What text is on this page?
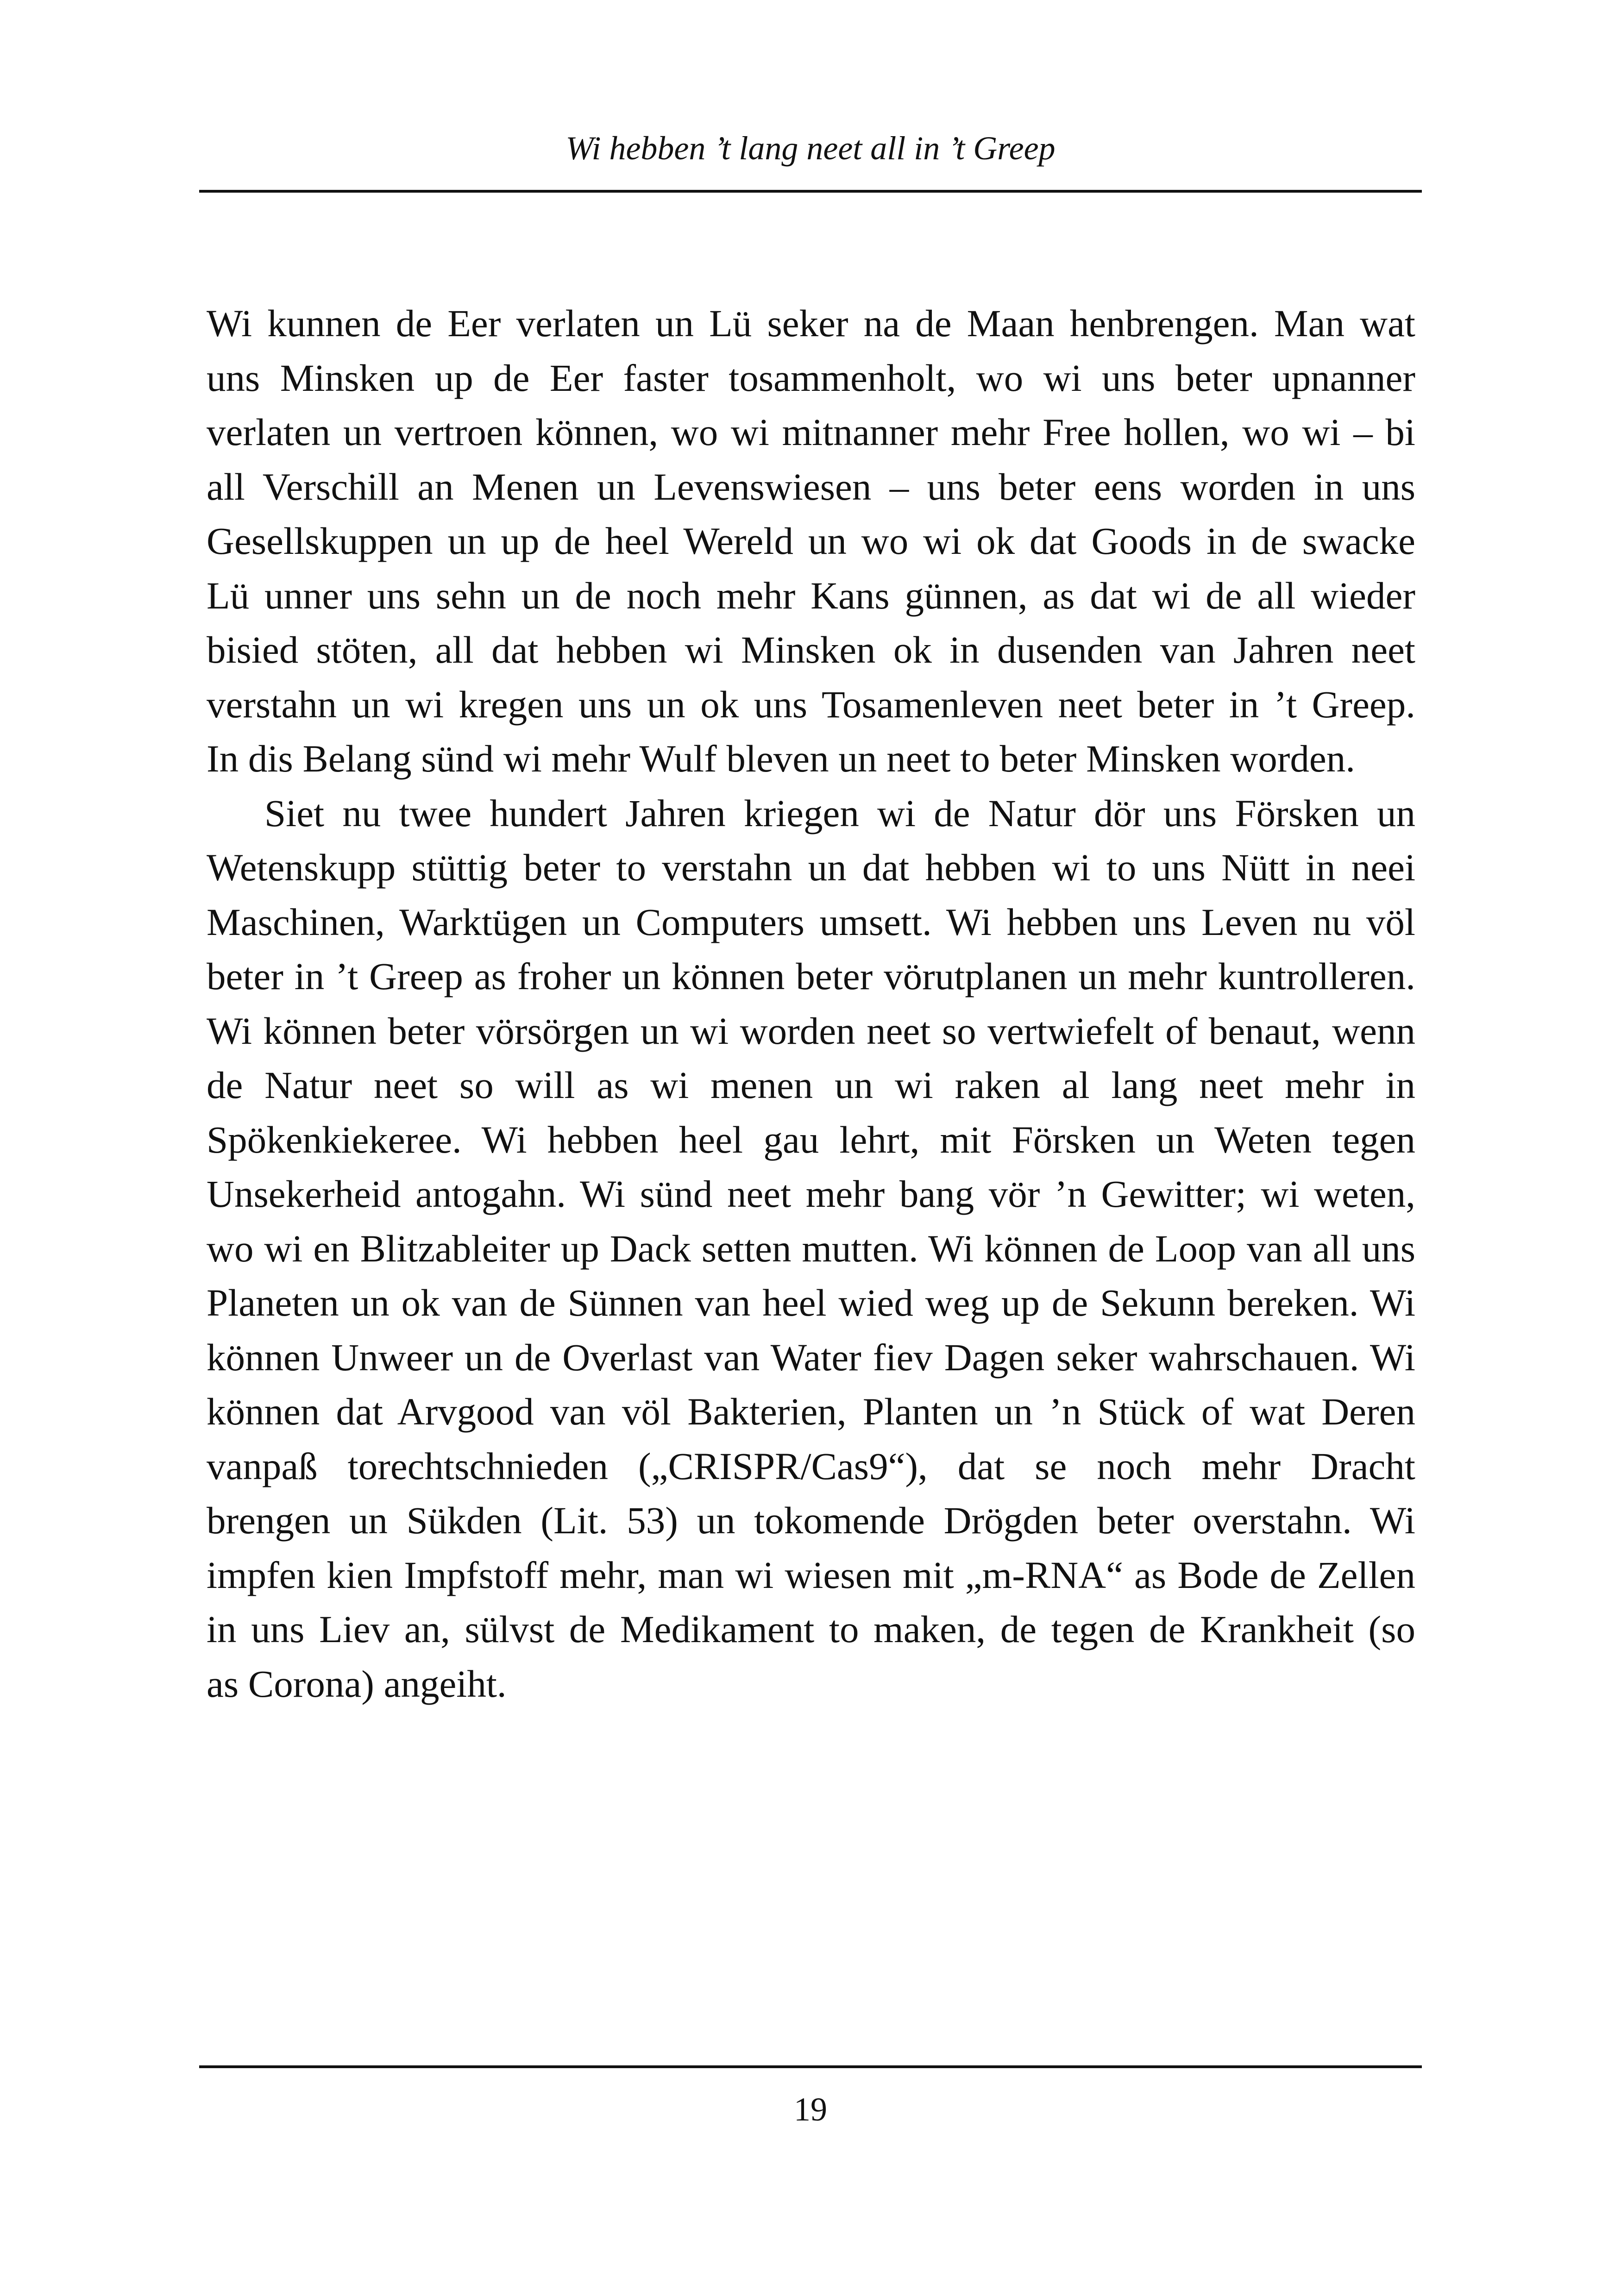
Wi hebben ’t lang neet all in ’t Greep

Wi kunnen de Eer verlaten un Lü seker na de Maan henbrengen. Man wat
uns Minsken up de Eer faster tosammenholt, wo wi uns beter upnanner
verlaten un vertroen können, wo wi mitnanner mehr Free hollen, wo wi – bi
all Verschill an Menen un Levenswiesen – uns beter eens worden in uns
Gesellskuppen un up de heel Wereld un wo wi ok dat Goods in de swacke
Lü unner uns sehn un de noch mehr Kans günnen, as dat wi de all wieder
bisied stöten, all dat hebben wi Minsken ok in dusenden van Jahren neet
verstahn un wi kregen uns un ok uns Tosamenleven neet beter in ’t Greep.
In dis Belang sünd wi mehr Wulf bleven un neet to beter Minsken worden.

Siet nu twee hundert Jahren kriegen wi de Natur dör uns Försken un
Wetenskupp stüttig beter to verstahn un dat hebben wi to uns Nütt in neei
Maschinen, Warktügen un Computers umsett. Wi hebben uns Leven nu völ
beter in ’t Greep as froher un können beter vörutplanen un mehr kuntrolleren.
Wi können beter vörsörgen un wi worden neet so vertwiefelt of benaut, wenn
de Natur neet so will as wi menen un wi raken al lang neet mehr in
Spökenkiekeree. Wi hebben heel gau lehrt, mit Försken un Weten tegen
Unsekerheid antogahn. Wi sünd neet mehr bang vör ’n Gewitter; wi weten,
wo wi en Blitzableiter up Dack setten mutten. Wi können de Loop van all uns
Planeten un ok van de Sünnen van heel wied weg up de Sekunn bereken. Wi
können Unweer un de Overlast van Water fiev Dagen seker wahrschauen. Wi
können dat Arvgood van völ Bakterien, Planten un ’n Stück of wat Deren
vanpaß torechtschnieden („CRISPR/Cas9“), dat se noch mehr Dracht
brengen un Sükden (Lit. 53) un tokomende Drögden beter overstahn. Wi
impfen kien Impfstoff mehr, man wi wiesen mit „m-RNA“ as Bode de Zellen
in uns Liev an, sülvst de Medikament to maken, de tegen de Krankheit (so
as Corona) angeiht.

19
